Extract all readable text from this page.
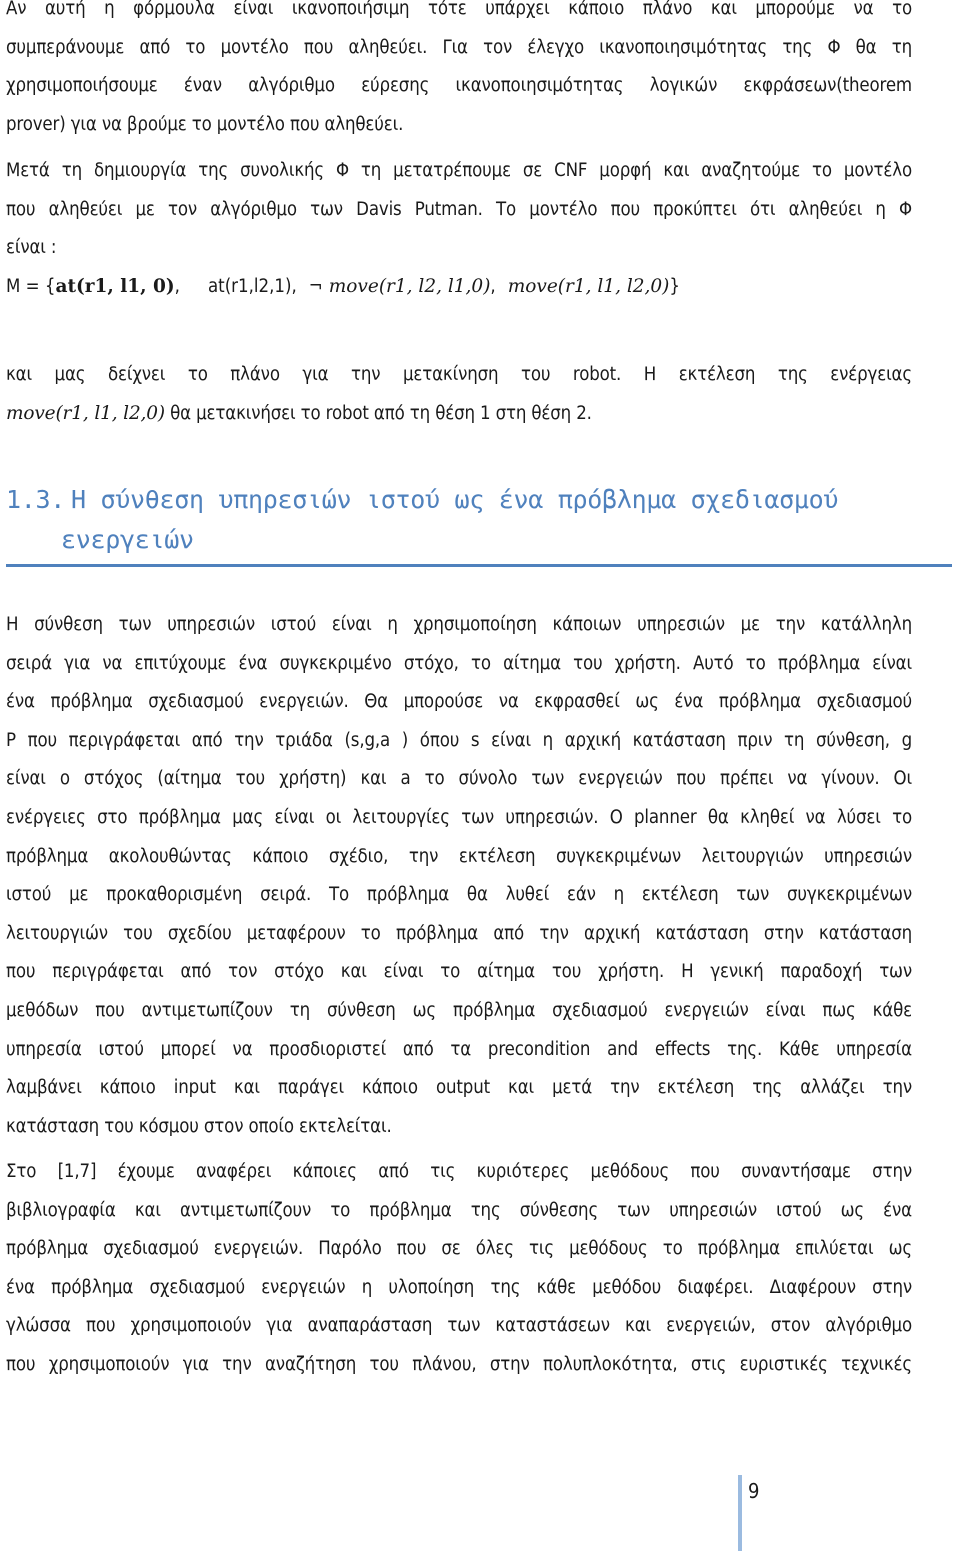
Αν αυτή η φόρμουλα είναι ικανοποιήσιμη τότε υπάρχει κάποιο πλάνο και μπορούμε να το
συμπεράνουμε από το μοντέλο που αληθεύει. Για τον έλεγχο ικανοποιησιμότητας της Φ θα τη
χρησιμοποιήσουμε έναν αλγόριθμο εύρεσης ικανοποιησιμότητας λογικών εκφράσεων(theorem
prover) για να βρούμε το μοντέλο που αληθεύει.
Μετά τη δημιουργία της συνολικής Φ τη μετατρέπουμε σε CNF μορφή και αναζητούμε το μοντέλο
που αληθεύει με τον αλγόριθμο των Davis Putman. Το μοντέλο που προκύπτει ότι αληθεύει η Φ
είναι :
M = {at(r1, l1, 0), at(r1,l2,1), ¬ move(r1, l2, l1,0), move(r1, l1, l2,0)}
και μας δείχνει το πλάνο για την μετακίνηση του robot. Η εκτέλεση της ενέργειας
move(r1, l1, l2,0) θα μετακινήσει το robot από τη θέση 1 στη θέση 2.
1.3. Η σύνθεση υπηρεσιών ιστού ως ένα πρόβλημα σχεδιασμού
ενεργειών
Η σύνθεση των υπηρεσιών ιστού είναι η χρησιμοποίηση κάποιων υπηρεσιών με την κατάλληλη
σειρά για να επιτύχουμε ένα συγκεκριμένο στόχο, το αίτημα του χρήστη. Αυτό το πρόβλημα είναι
ένα πρόβλημα σχεδιασμού ενεργειών. Θα μπορούσε να εκφρασθεί ως ένα πρόβλημα σχεδιασμού
P που περιγράφεται από την τριάδα (s,g,a ) όπου s είναι η αρχική κατάσταση πριν τη σύνθεση, g
είναι ο στόχος (αίτημα του χρήστη) και a το σύνολο των ενεργειών που πρέπει να γίνουν. Οι
ενέργειες στο πρόβλημα μας είναι οι λειτουργίες των υπηρεσιών. Ο planner θα κληθεί να λύσει το
πρόβλημα ακολουθώντας κάποιο σχέδιο, την εκτέλεση συγκεκριμένων λειτουργιών υπηρεσιών
ιστού με προκαθορισμένη σειρά. Το πρόβλημα θα λυθεί εάν η εκτέλεση των συγκεκριμένων
λειτουργιών του σχεδίου μεταφέρουν το πρόβλημα από την αρχική κατάσταση στην κατάσταση
που περιγράφεται από τον στόχο και είναι το αίτημα του χρήστη. Η γενική παραδοχή των
μεθόδων που αντιμετωπίζουν τη σύνθεση ως πρόβλημα σχεδιασμού ενεργειών είναι πως κάθε
υπηρεσία ιστού μπορεί να προσδιοριστεί από τα precondition and effects της. Κάθε υπηρεσία
λαμβάνει κάποιο input και παράγει κάποιο output και μετά την εκτέλεση της αλλάζει την
κατάσταση του κόσμου στον οποίο εκτελείται.
Στο [1,7] έχουμε αναφέρει κάποιες από τις κυριότερες μεθόδους που συναντήσαμε στην
βιβλιογραφία και αντιμετωπίζουν το πρόβλημα της σύνθεσης των υπηρεσιών ιστού ως ένα
πρόβλημα σχεδιασμού ενεργειών. Παρόλο που σε όλες τις μεθόδους το πρόβλημα επιλύεται ως
ένα πρόβλημα σχεδιασμού ενεργειών η υλοποίηση της κάθε μεθόδου διαφέρει. Διαφέρουν στην
γλώσσα που χρησιμοποιούν για αναπαράσταση των καταστάσεων και ενεργειών, στον αλγόριθμο
που χρησιμοποιούν για την αναζήτηση του πλάνου, στην πολυπλοκότητα, στις ευριστικές τεχνικές
9
